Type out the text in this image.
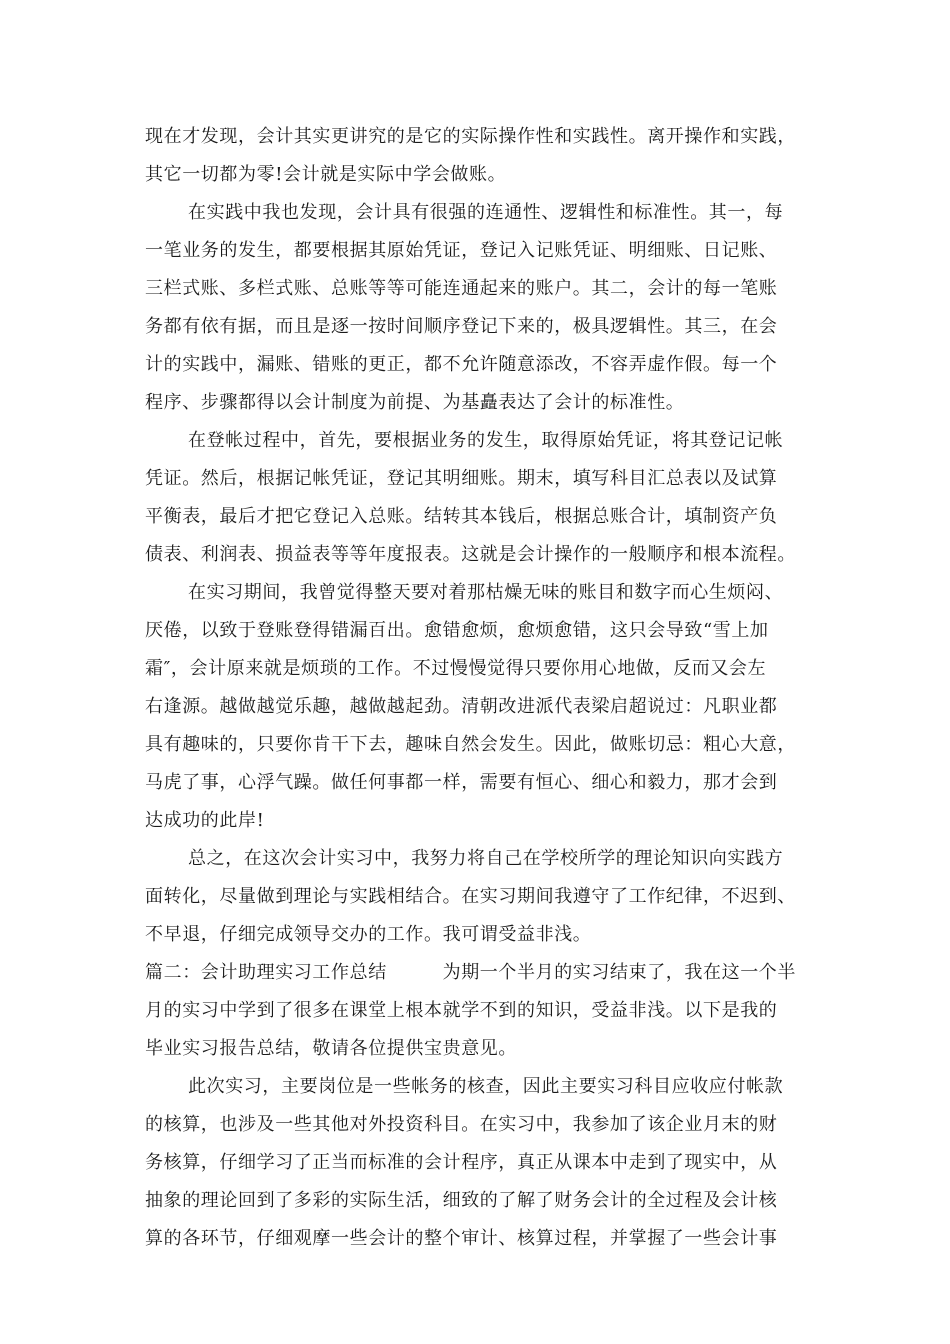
现在才发现，会计其实更讲究的是它的实际操作性和实践性。离开操作和实践，

其它一切都为零!会计就是实际中学会做账。

在实践中我也发现，会计具有很强的连通性、逻辑性和标准性。其一，每

一笔业务的发生，都要根据其原始凭证，登记入记账凭证、明细账、日记账、

三栏式账、多栏式账、总账等等可能连通起来的账户。其二，会计的每一笔账

务都有依有据，而且是逐一按时间顺序登记下来的，极具逻辑性。其三，在会

计的实践中，漏账、错账的更正，都不允许随意添改，不容弄虚作假。每一个

程序、步骤都得以会计制度为前提、为基矗表达了会计的标准性。

在登帐过程中，首先，要根据业务的发生，取得原始凭证，将其登记记帐

凭证。然后，根据记帐凭证，登记其明细账。期末，填写科目汇总表以及试算

平衡表，最后才把它登记入总账。结转其本钱后，根据总账合计，填制资产负

债表、利润表、损益表等等年度报表。这就是会计操作的一般顺序和根本流程。

在实习期间，我曾觉得整天要对着那枯燥无味的账目和数字而心生烦闷、

厌倦，以致于登账登得错漏百出。愈错愈烦，愈烦愈错，这只会导致“雪上加

霜″，会计原来就是烦琐的工作。不过慢慢觉得只要你用心地做，反而又会左

右逢源。越做越觉乐趣，越做越起劲。清朝改进派代表梁启超说过：凡职业都

具有趣味的，只要你肯干下去，趣味自然会发生。因此，做账切忌：粗心大意，

马虎了事，心浮气躁。做任何事都一样，需要有恒心、细心和毅力，那才会到

达成功的此岸!

总之，在这次会计实习中，我努力将自己在学校所学的理论知识向实践方

面转化，尽量做到理论与实践相结合。在实习期间我遵守了工作纪律，不迟到、

不早退，仔细完成领导交办的工作。我可谓受益非浅。

篇二：会计助理实习工作总结　　　为期一个半月的实习结束了，我在这一个半

月的实习中学到了很多在课堂上根本就学不到的知识，受益非浅。以下是我的

毕业实习报告总结，敬请各位提供宝贵意见。

此次实习，主要岗位是一些帐务的核查，因此主要实习科目应收应付帐款

的核算，也涉及一些其他对外投资科目。在实习中，我参加了该企业月末的财

务核算，仔细学习了正当而标准的会计程序，真正从课本中走到了现实中，从

抽象的理论回到了多彩的实际生活，细致的了解了财务会计的全过程及会计核

算的各环节，仔细观摩一些会计的整个审计、核算过程，并掌握了一些会计事
